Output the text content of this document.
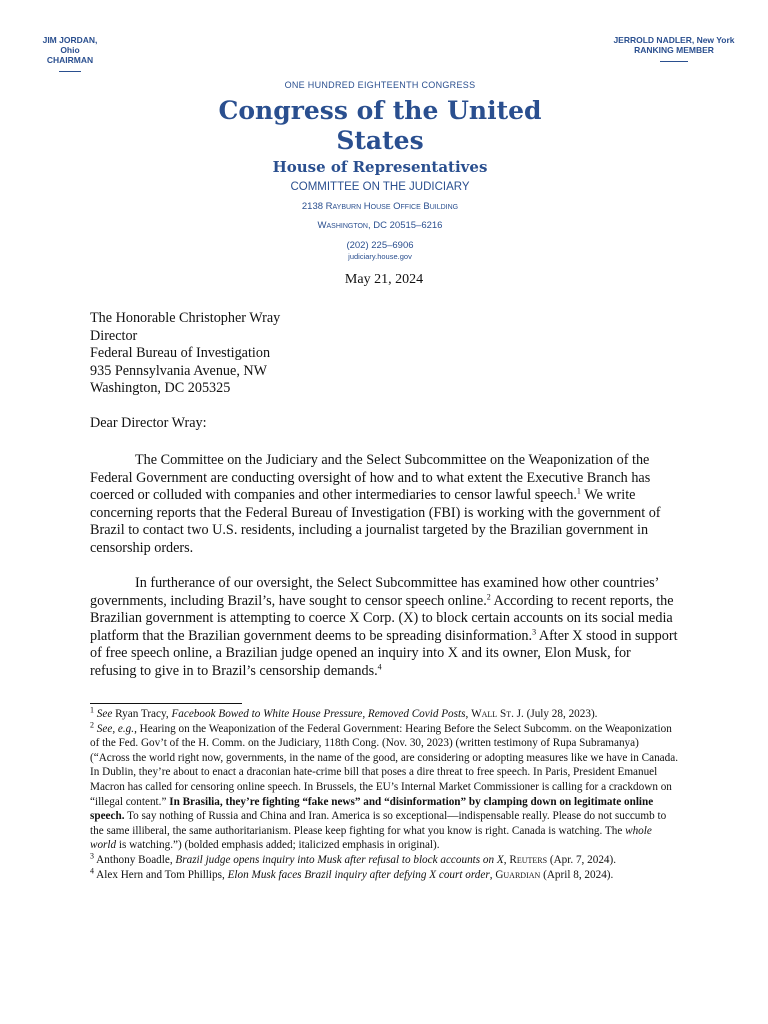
JIM JORDAN, Ohio
CHAIRMAN
JERROLD NADLER, New York
RANKING MEMBER
ONE HUNDRED EIGHTEENTH CONGRESS
Congress of the United States
House of Representatives
COMMITTEE ON THE JUDICIARY
2138 Rayburn House Office Building
Washington, DC 20515–6216
(202) 225–6906
judiciary.house.gov
May 21, 2024
The Honorable Christopher Wray
Director
Federal Bureau of Investigation
935 Pennsylvania Avenue, NW
Washington, DC 205325
Dear Director Wray:
The Committee on the Judiciary and the Select Subcommittee on the Weaponization of the Federal Government are conducting oversight of how and to what extent the Executive Branch has coerced or colluded with companies and other intermediaries to censor lawful speech.$^1$ We write concerning reports that the Federal Bureau of Investigation (FBI) is working with the government of Brazil to contact two U.S. residents, including a journalist targeted by the Brazilian government in censorship orders.
In furtherance of our oversight, the Select Subcommittee has examined how other countries’ governments, including Brazil’s, have sought to censor speech online.$^2$ According to recent reports, the Brazilian government is attempting to coerce X Corp. (X) to block certain accounts on its social media platform that the Brazilian government deems to be spreading disinformation.$^3$ After X stood in support of free speech online, a Brazilian judge opened an inquiry into X and its owner, Elon Musk, for refusing to give in to Brazil’s censorship demands.$^4$

$^1$ See Ryan Tracy, Facebook Bowed to White House Pressure, Removed Covid Posts, Wall St. J. (July 28, 2023).

$^2$ See, e.g., Hearing on the Weaponization of the Federal Government: Hearing Before the Select Subcomm. on the Weaponization of the Fed. Gov’t of the H. Comm. on the Judiciary, 118th Cong. (Nov. 30, 2023) (written testimony of Rupa Subramanya) (“Across the world right now, governments, in the name of the good, are considering or adopting measures like we have in Canada. In Dublin, they’re about to enact a draconian hate-crime bill that poses a dire threat to free speech. In Paris, President Emanuel Macron has called for censoring online speech. In Brussels, the EU’s Internal Market Commissioner is calling for a crackdown on “illegal content.” In Brasilia, they’re fighting “fake news” and “disinformation” by clamping down on legitimate online speech. To say nothing of Russia and China and Iran. America is so exceptional—indispensable really. Please do not succumb to the same illiberal, the same authoritarianism. Please keep fighting for what you know is right. Canada is watching. The whole world is watching.”) (bolded emphasis added; italicized emphasis in original).

$^3$ Anthony Boadle, Brazil judge opens inquiry into Musk after refusal to block accounts on X, Reuters (Apr. 7, 2024).

$^4$ Alex Hern and Tom Phillips, Elon Musk faces Brazil inquiry after defying X court order, Guardian (April 8, 2024).
